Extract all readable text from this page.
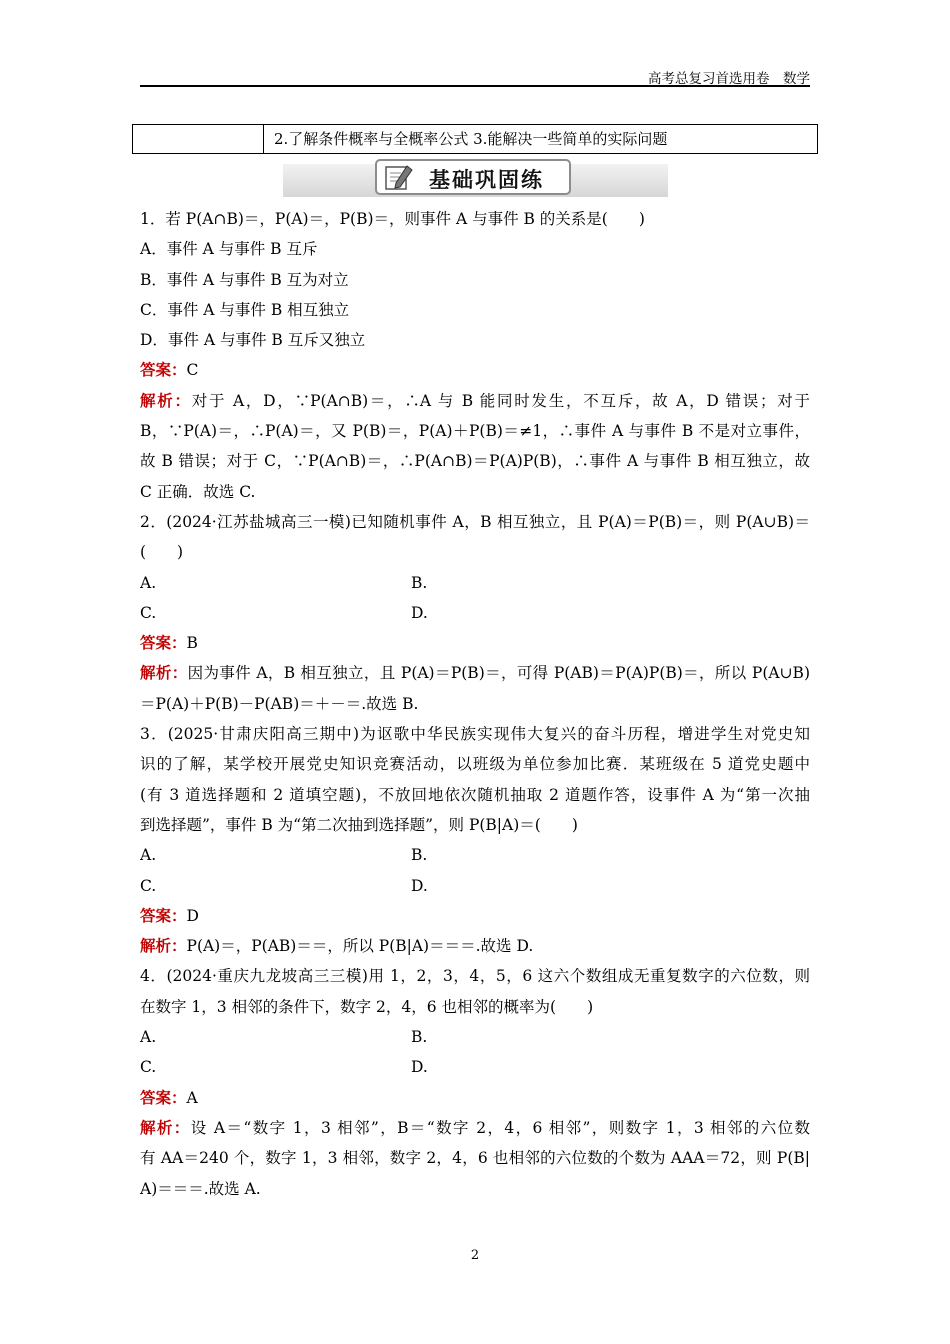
高考总复习首选用卷　数学
2.了解条件概率与全概率公式 3.能解决一些简单的实际问题
基础巩固练
1．若 P(A∩B)＝，P(A)＝，P(B)＝，则事件 A 与事件 B 的关系是(　　)
A．事件 A 与事件 B 互斥
B．事件 A 与事件 B 互为对立
C．事件 A 与事件 B 相互独立
D．事件 A 与事件 B 互斥又独立
答案：C
解析：对于 A，D，∵P(A∩B)＝，∴A 与 B 能同时发生，不互斥，故 A，D 错误；对于
B，∵P(A)＝，∴P(A)＝，又 P(B)＝，P(A)＋P(B)＝≠1，∴事件 A 与事件 B 不是对立事件，
故 B 错误；对于 C，∵P(A∩B)＝，∴P(A∩B)＝P(A)P(B)，∴事件 A 与事件 B 相互独立，故
C 正确．故选 C.
2．(2024·江苏盐城高三一模)已知随机事件 A，B 相互独立，且 P(A)＝P(B)＝，则 P(A∪B)＝
(　　)
A.	B.
C.	D.
答案：B
解析：因为事件 A，B 相互独立，且 P(A)＝P(B)＝，可得 P(AB)＝P(A)P(B)＝，所以 P(A∪B)
＝P(A)＋P(B)－P(AB)＝＋－＝.故选 B.
3．(2025·甘肃庆阳高三期中)为讴歌中华民族实现伟大复兴的奋斗历程，增进学生对党史知
识的了解，某学校开展党史知识竞赛活动，以班级为单位参加比赛．某班级在 5 道党史题中
(有 3 道选择题和 2 道填空题)，不放回地依次随机抽取 2 道题作答，设事件 A 为“第一次抽
到选择题”，事件 B 为“第二次抽到选择题”，则 P(B|A)＝(　　)
A.	B.
C.	D.
答案：D
解析：P(A)＝，P(AB)＝＝，所以 P(B|A)＝＝＝.故选 D.
4．(2024·重庆九龙坡高三三模)用 1，2，3，4，5，6 这六个数组成无重复数字的六位数，则
在数字 1，3 相邻的条件下，数字 2，4，6 也相邻的概率为(　　)
A.	B.
C.	D.
答案：A
解析：设 A＝“数字 1，3 相邻”，B＝“数字 2，4，6 相邻”，则数字 1，3 相邻的六位数
有 AA＝240 个，数字 1，3 相邻，数字 2，4，6 也相邻的六位数的个数为 AAA＝72，则 P(B|
A)＝＝＝.故选 A.
2
